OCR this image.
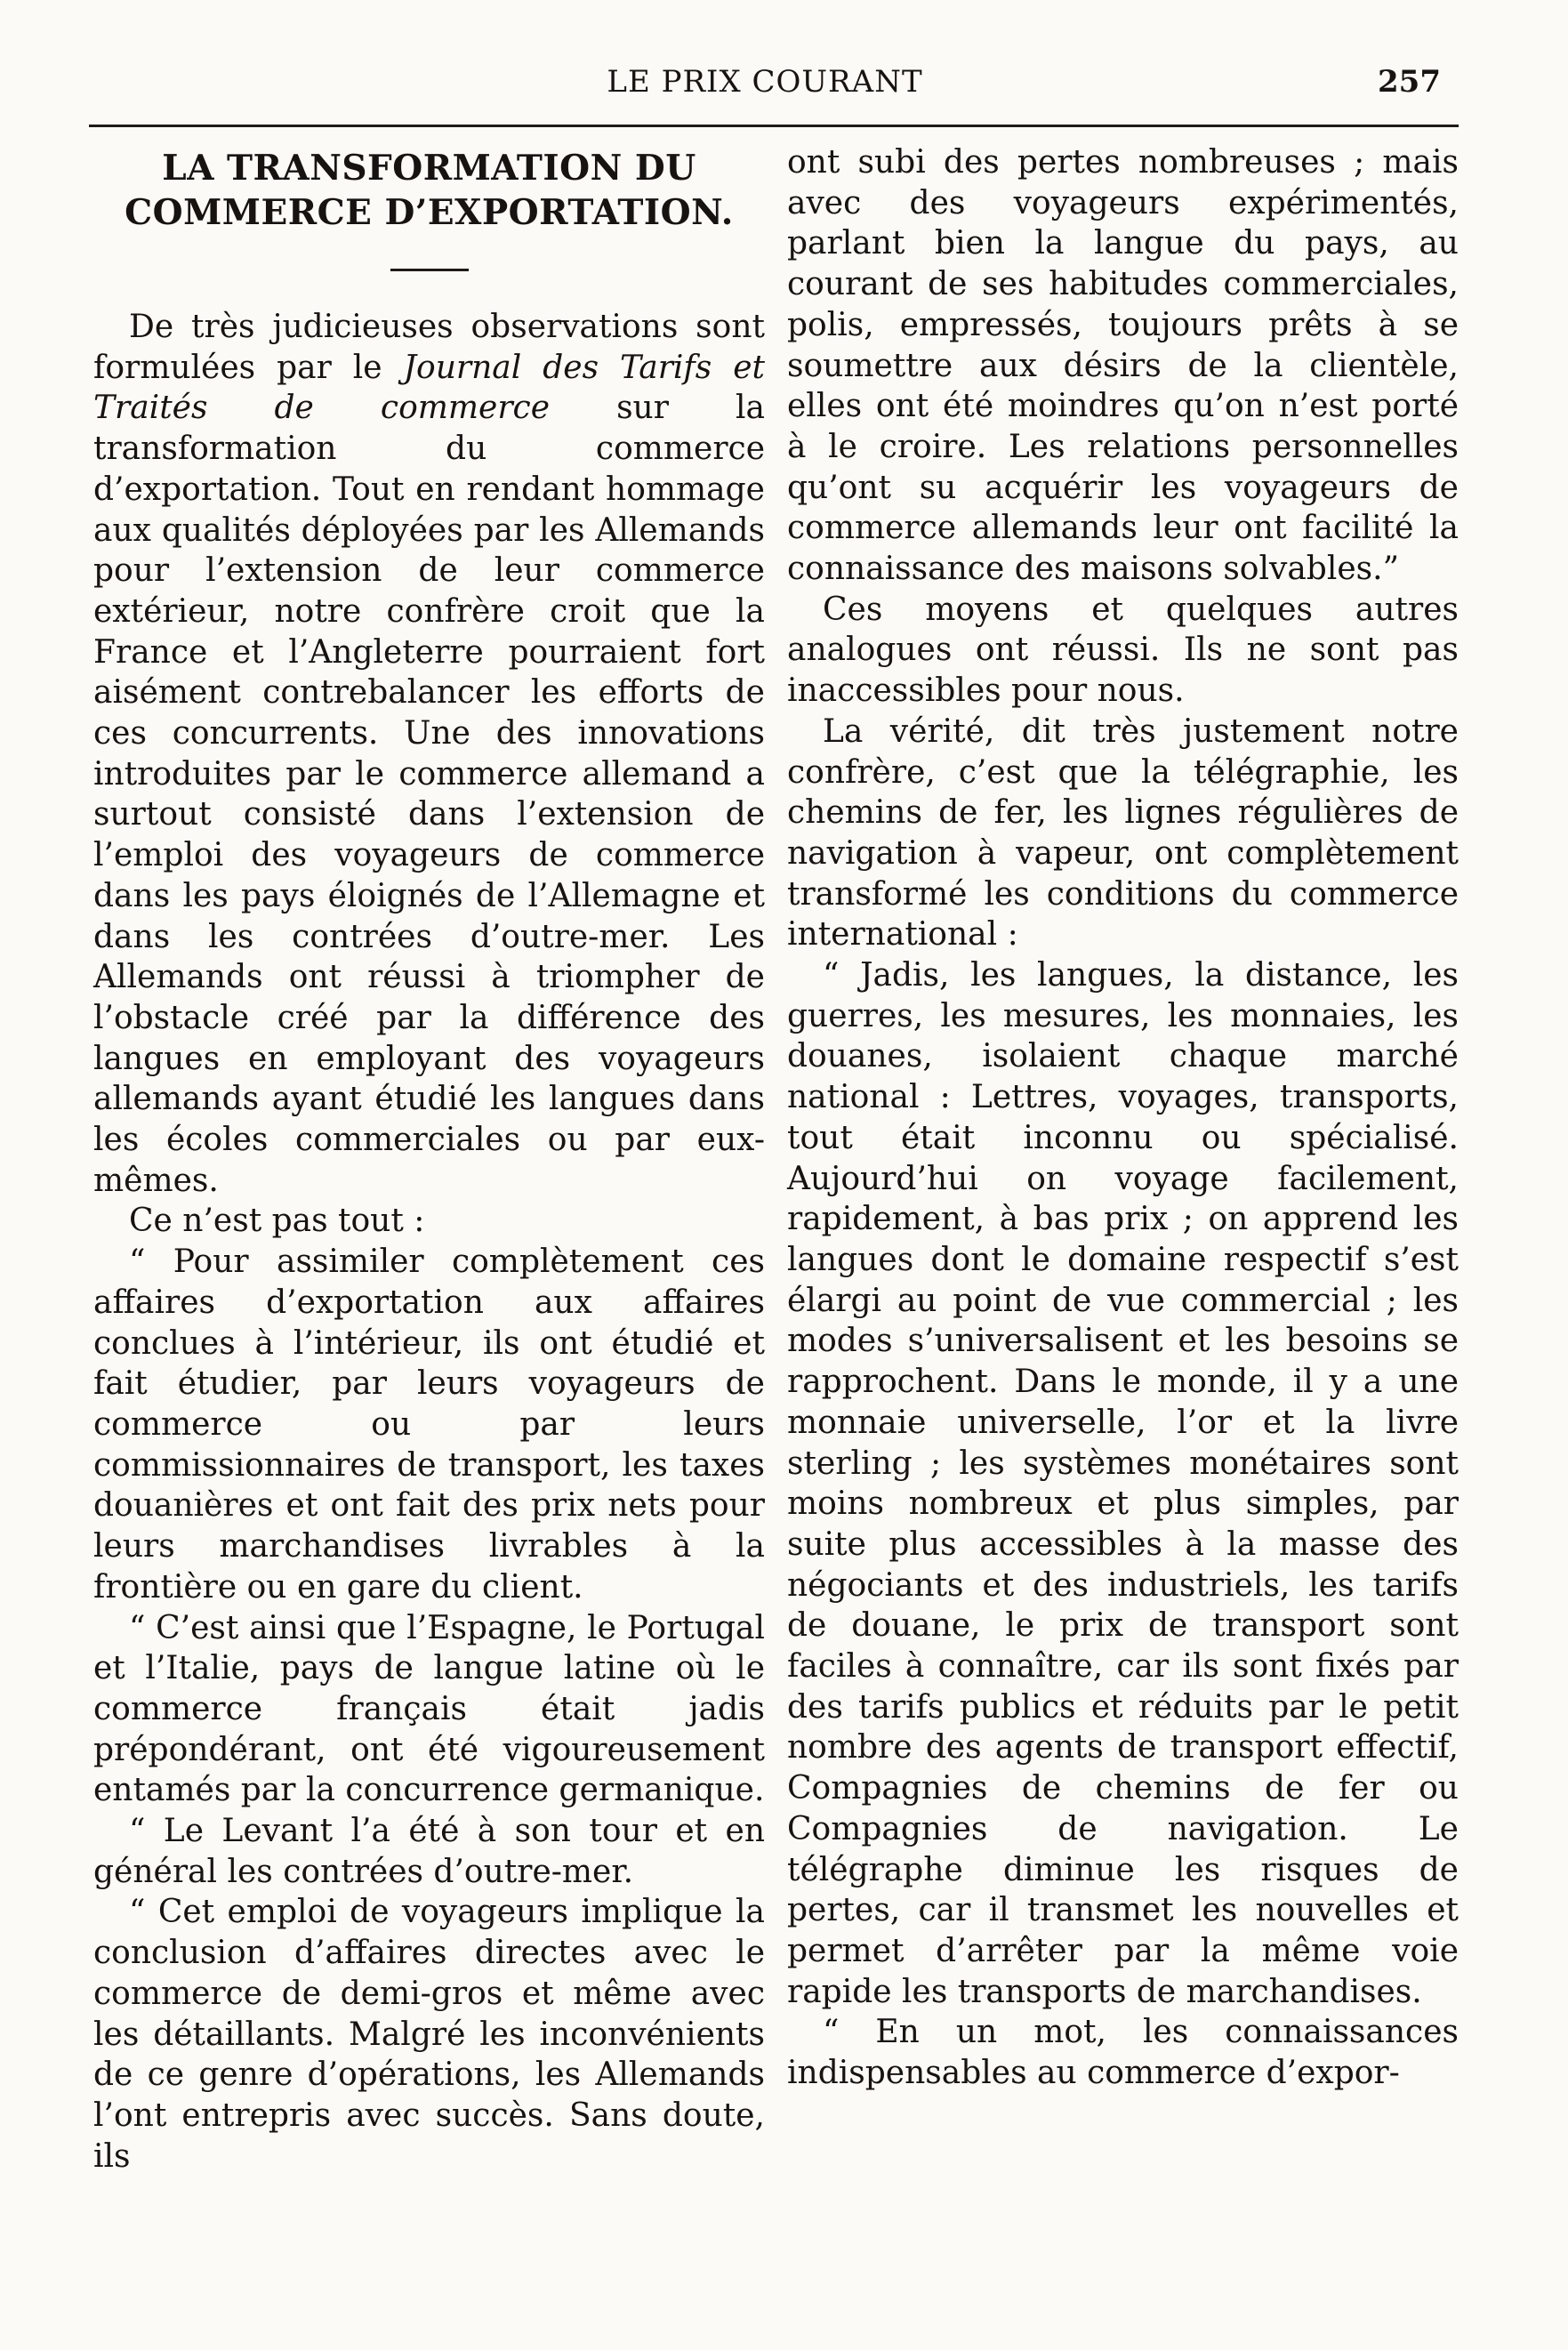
LE PRIX COURANT	257
LA TRANSFORMATION DU COMMERCE D’EXPORTATION.

De très judicieuses observations sont formulées par le Journal des Tarifs et Traités de commerce sur la transformation du commerce d’exportation. Tout en rendant hommage aux qualités déployées par les Allemands pour l’extension de leur commerce extérieur, notre confrère croit que la France et l’Angleterre pourraient fort aisément contrebalancer les efforts de ces concurrents. Une des innovations introduites par le commerce allemand a surtout consisté dans l’extension de l’emploi des voyageurs de commerce dans les pays éloignés de l’Allemagne et dans les contrées d’outre-mer. Les Allemands ont réussi à triompher de l’obstacle créé par la différence des langues en employant des voyageurs allemands ayant étudié les langues dans les écoles commerciales ou par eux-mêmes.

Ce n’est pas tout :

“ Pour assimiler complètement ces affaires d’exportation aux affaires conclues à l’intérieur, ils ont étudié et fait étudier, par leurs voyageurs de commerce ou par leurs commissionnaires de transport, les taxes douanières et ont fait des prix nets pour leurs marchandises livrables à la frontière ou en gare du client.

“ C’est ainsi que l’Espagne, le Portugal et l’Italie, pays de langue latine où le commerce français était jadis prépondérant, ont été vigoureusement entamés par la concurrence germanique.

“ Le Levant l’a été à son tour et en général les contrées d’outre-mer.

“ Cet emploi de voyageurs implique la conclusion d’affaires directes avec le commerce de demi-gros et même avec les détaillants. Malgré les inconvénients de ce genre d’opérations, les Allemands l’ont entrepris avec succès. Sans doute, ils

ont subi des pertes nombreuses ; mais avec des voyageurs expérimentés, parlant bien la langue du pays, au courant de ses habitudes commerciales, polis, empressés, toujours prêts à se soumettre aux désirs de la clientèle, elles ont été moindres qu’on n’est porté à le croire. Les relations personnelles qu’ont su acquérir les voyageurs de commerce allemands leur ont facilité la connaissance des maisons solvables.”

Ces moyens et quelques autres analogues ont réussi. Ils ne sont pas inaccessibles pour nous.

La vérité, dit très justement notre confrère, c’est que la télégraphie, les chemins de fer, les lignes régulières de navigation à vapeur, ont complètement transformé les conditions du commerce international :

“ Jadis, les langues, la distance, les guerres, les mesures, les monnaies, les douanes, isolaient chaque marché national : Lettres, voyages, transports, tout était inconnu ou spécialisé. Aujourd’hui on voyage facilement, rapidement, à bas prix ; on apprend les langues dont le domaine respectif s’est élargi au point de vue commercial ; les modes s’universalisent et les besoins se rapprochent. Dans le monde, il y a une monnaie universelle, l’or et la livre sterling ; les systèmes monétaires sont moins nombreux et plus simples, par suite plus accessibles à la masse des négociants et des industriels, les tarifs de douane, le prix de transport sont faciles à connaître, car ils sont fixés par des tarifs publics et réduits par le petit nombre des agents de transport effectif, Compagnies de chemins de fer ou Compagnies de navigation. Le télégraphe diminue les risques de pertes, car il transmet les nouvelles et permet d’arrêter par la même voie rapide les transports de marchandises.

“ En un mot, les connaissances indispensables au commerce d’expor-
